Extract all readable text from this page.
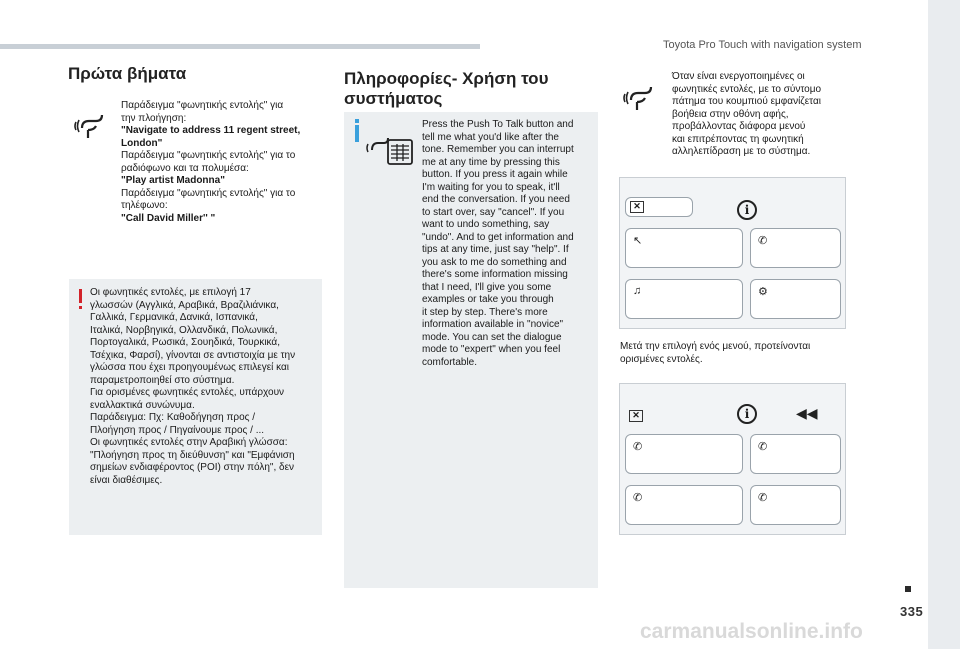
Toyota Pro Touch with navigation system
335
carmanualsonline.info
Πρώτα βήματα
Παράδειγμα "φωνητικής εντολής" για
την πλοήγηση:
"Navigate to address 11 regent street,
London"
Παράδειγμα "φωνητικής εντολής" για το
ραδιόφωνο και τα πολυμέσα:
"Play artist Madonna"
Παράδειγμα "φωνητικής εντολής" για το
τηλέφωνο:
"Call David Miller'' "
Οι φωνητικές εντολές, με επιλογή 17
γλωσσών (Αγγλικά, Αραβικά, Βραζιλιάνικα,
Γαλλικά, Γερμανικά, Δανικά, Ισπανικά,
Ιταλικά, Νορβηγικά, Ολλανδικά, Πολωνικά,
Πορτογαλικά, Ρωσικά, Σουηδικά, Τουρκικά,
Τσέχικα, Φαρσί), γίνονται σε αντιστοιχία με την
γλώσσα που έχει προηγουμένως επιλεγεί και
παραμετροποιηθεί στο σύστημα.
Για ορισμένες φωνητικές εντολές, υπάρχουν
εναλλακτικά συνώνυμα.
Παράδειγμα: Πχ: Καθοδήγηση προς /
Πλοήγηση προς / Πηγαίνουμε προς / ...
Οι φωνητικές εντολές στην Αραβική γλώσσα:
"Πλοήγηση προς τη διεύθυνση" και "Εμφάνιση
σημείων ενδιαφέροντος (POI) στην πόλη", δεν
είναι διαθέσιμες.
Πληροφορίες- Χρήση του
συστήματος
Press the Push To Talk button and
tell me what you'd like after the
tone. Remember you can interrupt
me at any time by pressing this
button. If you press it again while
I'm waiting for you to speak, it'll
end the conversation. If you need
to start over, say "cancel". If you
want to undo something, say
"undo". And to get information and
tips at any time, just say "help". If
you ask to me do something and
there's some information missing
that I need, I'll give you some
examples or take you through
it step by step. There's more
information available in "novice"
mode. You can set the dialogue
mode to "expert" when you feel
comfortable.
Όταν είναι ενεργοποιημένες οι
φωνητικές εντολές, με το σύντομο
πάτημα του κουμπιού εμφανίζεται
βοήθεια στην οθόνη αφής,
προβάλλοντας διάφορα μενού
και επιτρέποντας τη φωνητική
αλληλεπίδραση με το σύστημα.
✕	i
↖	✆
♫	⚙
Μετά την επιλογή ενός μενού, προτείνονται
ορισμένες εντολές.
✕	i	◀◀
✆	✆
✆	✆
